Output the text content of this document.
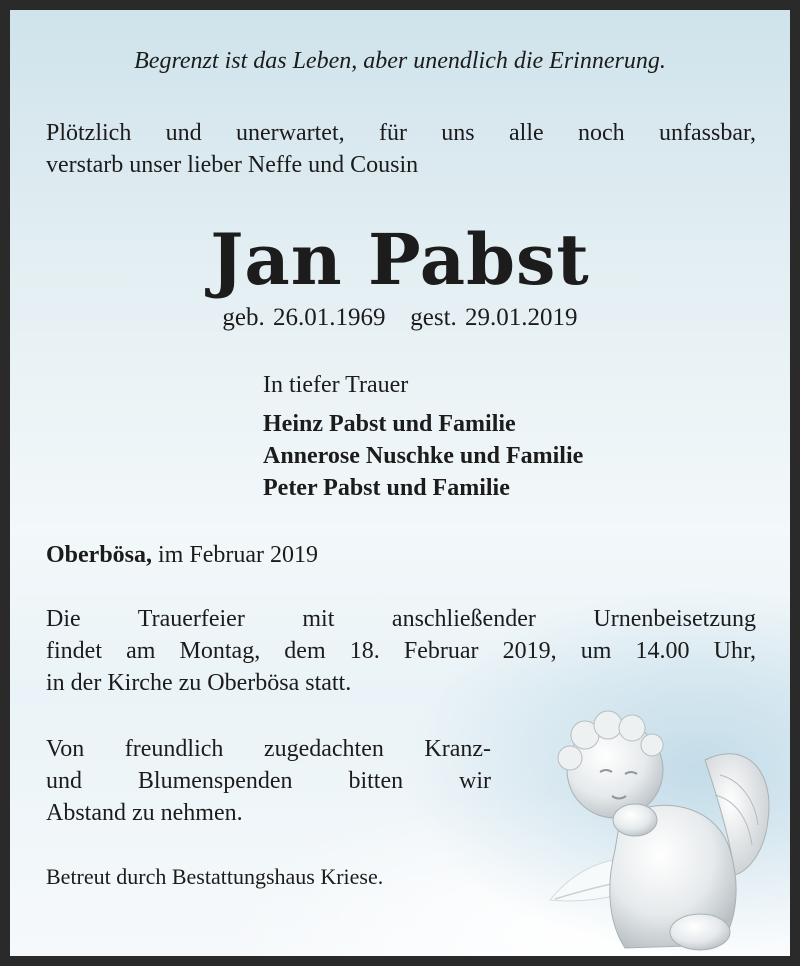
Begrenzt ist das Leben, aber unendlich die Erinnerung.

Plötzlich und unerwartet, für uns alle noch unfassbar,

verstarb unser lieber Neffe und Cousin

Jan Pabst

geb. 26.01.1969 gest. 29.01.2019

In tiefer Trauer

Heinz Pabst und Familie

Annerose Nuschke und Familie

Peter Pabst und Familie

Oberbösa, im Februar 2019

Die Trauerfeier mit anschließender Urnenbeisetzung

findet am Montag, dem 18. Februar 2019, um 14.00 Uhr,

in der Kirche zu Oberbösa statt.

Von freundlich zugedachten Kranz-

und Blumenspenden bitten wir

Abstand zu nehmen.

Betreut durch Bestattungshaus Kriese.
